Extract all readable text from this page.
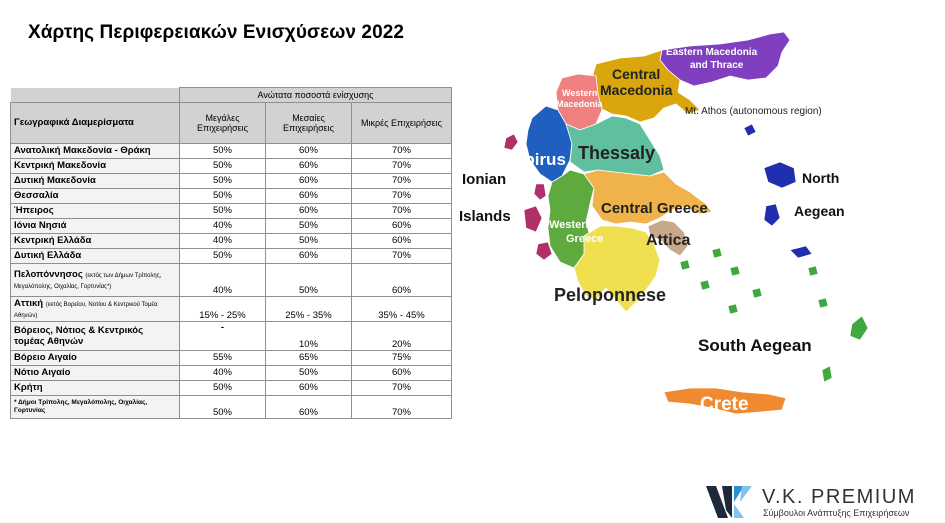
Χάρτης Περιφερειακών Ενισχύσεων 2022
	Ανώτατα ποσοστά ενίσχυσης		
Γεωγραφικά Διαμερίσματα	Μεγάλες Επιχειρήσεις	Μεσαίες Επιχειρήσεις	Μικρές Επιχειρήσεις
Ανατολική Μακεδονία - Θράκη	50%	60%	70%
Κεντρική Μακεδονία	50%	60%	70%
Δυτική Μακεδονία	50%	60%	70%
Θεσσαλία	50%	60%	70%
Ήπειρος	50%	60%	70%
Ιόνια Νησιά	40%	50%	60%
Κεντρική Ελλάδα	40%	50%	60%
Δυτική Ελλάδα	50%	60%	70%
Πελοπόννησος (εκτός των Δήμων Τρίπολης, Μεγαλόπολης, Οιχαλίας, Γορτυνίας*)	40%	50%	60%
Αττική (εκτός Βορείου, Νοτίου & Κεντρικού Τομέα Αθηνών)	15% - 25%	25% - 35%	35% - 45%
Βόρειος, Νότιος & Κεντρικός τομέας Αθηνών	-	10%	20%
Βόρειο Αιγαίο	55%	65%	75%
Νότιο Αιγαίο	40%	50%	60%
Κρήτη	50%	60%	70%
* Δήμοι Τρίπολης, Μεγαλόπολης, Οιχαλίας, Γορτυνίας	50%	60%	70%
Eastern Macedonia
and Thrace
Central
Macedonia
Western
Macedonia
Mt. Athos (autonomous region)
Epirus Thessaly
Ionian
Islands
North
Aegean
Central Greece
Western
Greece	Attica
Peloponnese
South Aegean
Crete
V.K. PREMIUM
Σύμβουλοι Ανάπτυξης Επιχειρήσεων
